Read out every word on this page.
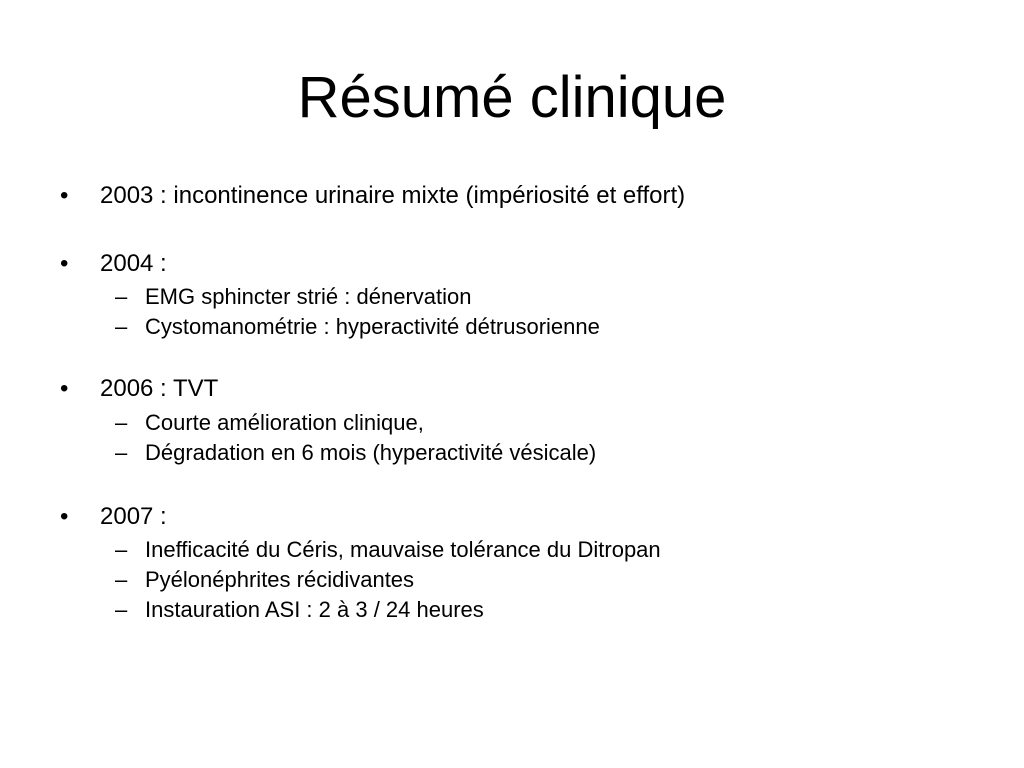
Résumé clinique
• 2003 : incontinence urinaire mixte (impériosité et effort)
• 2004 :
– EMG sphincter strié : dénervation
– Cystomanométrie : hyperactivité détrusorienne
• 2006 : TVT
– Courte amélioration clinique,
– Dégradation en 6 mois (hyperactivité vésicale)
• 2007 :
– Inefficacité du Céris, mauvaise tolérance du Ditropan
– Pyélonéphrites récidivantes
– Instauration ASI : 2 à 3 / 24 heures
